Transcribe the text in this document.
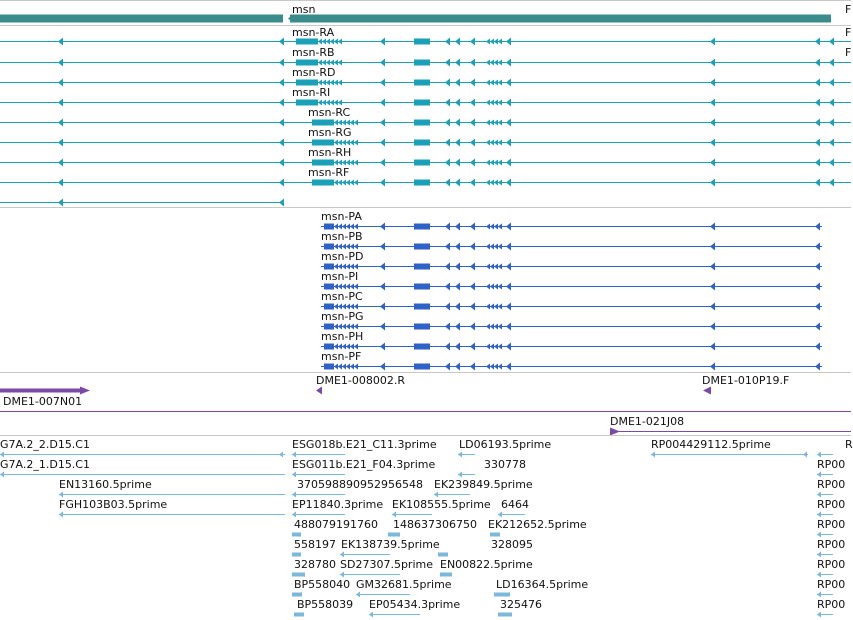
msn	F
msn-RA
msn-RB
msn-RD
msn-RI
msn-RC
msn-RG
msn-RH
msn-RF
F
F
msn-PA
msn-PB
msn-PD
msn-PI
msn-PC
msn-PG
msn-PH
msn-PF
DME1-008002.R	DME1-010P19.F
DME1-007N01
DME1-021J08
G7A.2_2.D15.C1	ESG018b.E21_C11.3prime LD06193.5prime	RP004429112.5prime	R
G7A.2_1.D15.C1	ESG011b.E21_F04.3prime	330778	RP00
EN13160.5prime	370598890952956548 EK239849.5prime	RP00
FGH103B03.5prime	EP11840.3prime EK108555.5prime 6464	RP00
488079191760 148637306750 EK212652.5prime	RP00
558197 EK138739.5prime	328095	RP00
328780 SD27307.5prime EN00822.5prime	RP00
BP558040 GM32681.5prime	LD16364.5prime	RP00
BP558039 EP05434.3prime	325476	RP00
